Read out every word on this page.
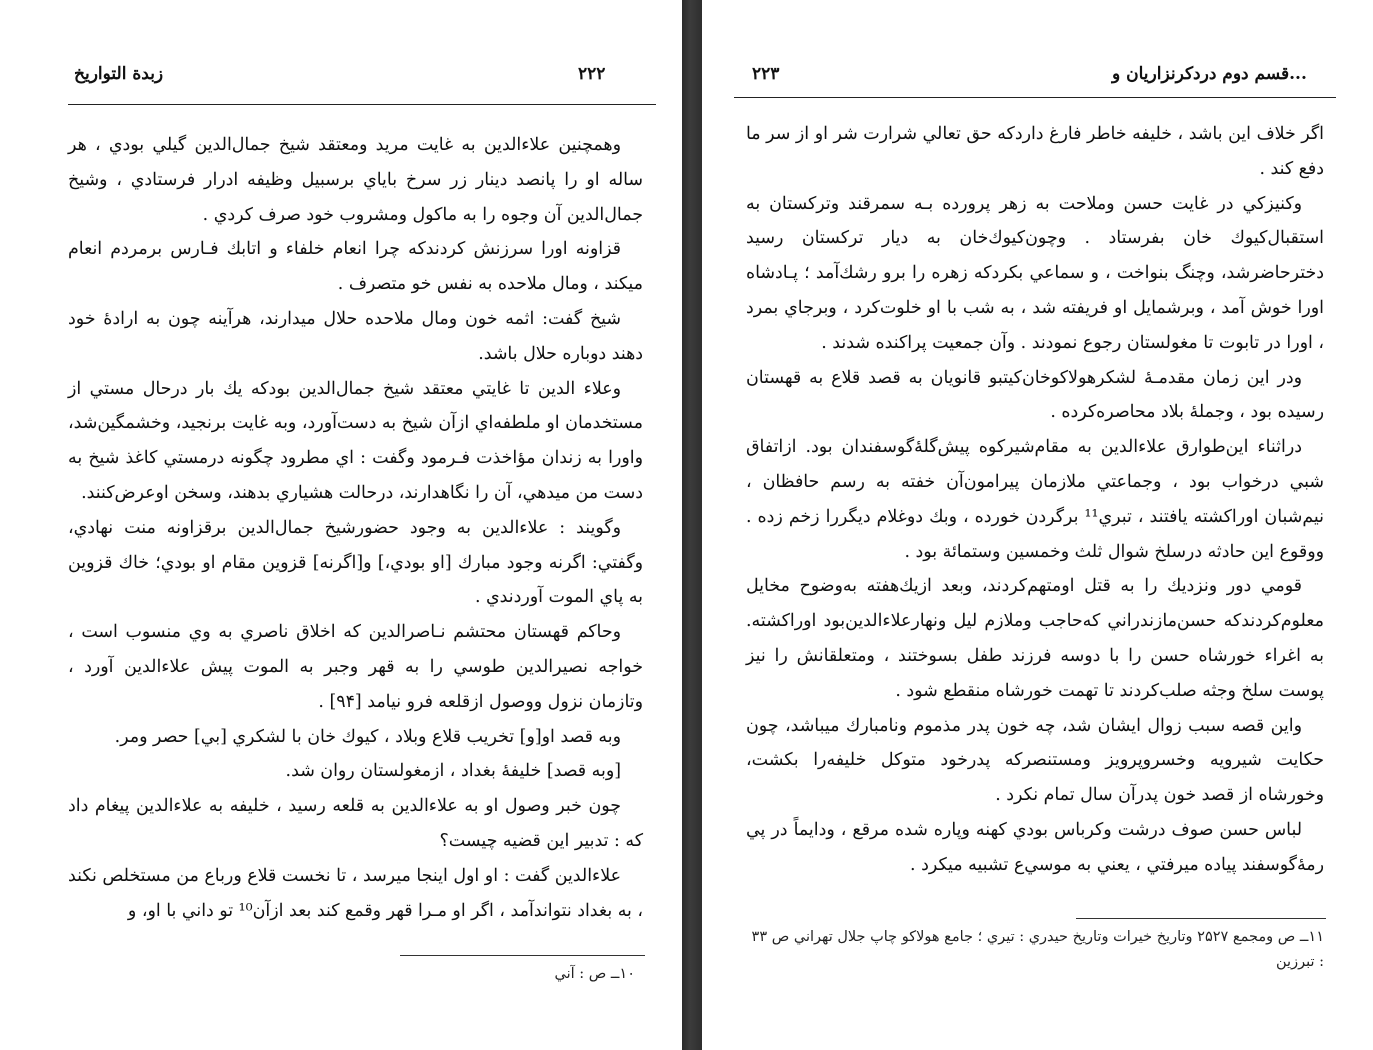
زبدة التواريخ	۲۲۲

وهمچنين علاءالدين به غايت مريد ومعتقد شيخ جمال‌الدين گيلي بودي ، هر ساله او را پانصد دينار زر سرخ باياي برسبيل وظيفه ادرار فرستادي ، وشيخ جمال‌الدين آن وجوه را به ماكول ومشروب خود صرف كردي .

قزاونه اورا سرزنش كردندكه چرا انعام خلفاء و اتابك فـارس برمردم انعام ميكند ، ومال ملاحده به نفس خو متصرف .

شيخ گفت: اثمه خون ومال ملاحده حلال ميدارند، هرآينه چون به ارادهٔ خود دهند دوباره حلال باشد.

وعلاء الدين تا غايتي معتقد شيخ جمال‌الدين بودكه يك بار درحال مستي از مستخدمان او ملطفه‌اي ازآن شيخ به دست‌آورد، وبه غايت برنجيد، وخشمگين‌شد، واورا به زندان مؤاخذت فـرمود وگفت : اي مطرود چگونه درمستي كاغذ شيخ به دست من ميدهي، آن را نگاهدارند، درحالت هشياري بدهند، وسخن اوعرض‌كنند.

وگويند : علاءالدين به وجود حضورشيخ جمال‌الدين برقزاونه منت نهادي، وگفتي: اگرنه وجود مبارك [او بودي،] و[اگرنه] قزوين مقام او بودي؛ خاك قزوين به پاي الموت آوردندي .

وحاكم قهستان محتشم نـاصرالدين كه اخلاق ناصري به وي منسوب است ، خواجه نصيرالدين طوسي را به قهر وجبر به الموت پيش علاءالدين آورد ، وتازمان نزول ووصول ازقلعه فرو نيامد [۹۴] .

وبه قصد او[و] تخريب قلاع وبلاد ، كيوك خان با لشكري [بي] حصر ومر.

[وبه قصد] خليفهٔ بغداد ، ازمغولستان روان شد.

چون خبر وصول او به علاءالدين به قلعه رسيد ، خليفه به علاءالدين پيغام داد كه : تدبير اين قضيه چيست؟

علاءالدين گفت : او اول اينجا ميرسد ، تا نخست قلاع ورباع من مستخلص نكند ، به بغداد نتواندآمد ، اگر او مـرا قهر وقمع كند بعد ازآن¹⁰ تو داني با او، و

۱۰ــ ص : آني

قسم دوم دردكرنزاريان و...
۲۲۳

اگر خلاف اين باشد ، خليفه خاطر فارغ داردكه حق تعالي شرارت شر او از سر ما دفع كند .

وكنيزكي در غايت حسن وملاحت به زهر پرورده بـه سمرقند وتركستان به استقبال‌كيوك خان بفرستاد . وچون‌كيوك‌خان به ديار تركستان رسيد دخترحاضرشد، وچنگ بنواخت ، و سماعي بكردكه زهره را برو رشك‌آمد ؛ پـادشاه اورا خوش آمد ، وبرشمايل او فريفته شد ، به شب با او خلوت‌كرد ، وبرجاي بمرد ، اورا در تابوت تا مغولستان رجوع نمودند . وآن جمعيت پراكنده شدند .

ودر اين زمان مقدمـهٔ لشكرهولاكوخان‌كيتبو قانويان به قصد قلاع به قهستان رسيده بود ، وجملهٔ بلاد محاصره‌كرده .

دراثناء اين‌طوارق علاءالدين به مقام‌شيركوه پيش‌گلهٔ‌گوسفندان بود. ازاتفاق شبي درخواب بود ، وجماعتي ملازمان پيرامون‌آن خفته به رسم حافظان ، نيم‌شبان اوراكشته يافتند ، تبري¹¹ برگردن خورده ، وبك دوغلام ديگررا زخم زده . ووقوع اين حادثه درسلخ شوال ثلث وخمسين وستمائة بود .

قومي دور ونزديك را به قتل اومتهم‌كردند، وبعد ازيك‌هفته به‌وضوح مخايل معلوم‌كردندكه حسن‌مازندراني كه‌حاجب وملازم ليل ونهارعلاءالدين‌بود اوراكشته. به اغراء خورشاه حسن را با دوسه فرزند طفل بسوختند ، ومتعلقانش را نيز پوست سلخ وجثه صلب‌كردند تا تهمت خورشاه منقطع شود .

واين قصه سبب زوال ايشان شد، چه خون پدر مذموم ونامبارك ميباشد، چون حكايت شيرويه وخسروپرويز ومستنصركه پدرخود متوكل خليفه‌را بكشت، وخورشاه از قصد خون پدرآن سال تمام نكرد .

لباس حسن صوف درشت وكرباس بودي كهنه وپاره شده مرقع ، ودايماً در پي رمهٔ‌گوسفند پياده ميرفتي ، يعني به موسي‌ع تشبيه ميكرد .

۱۱ــ ص ومجمع ۲۵۲۷ وتاريخ خيرات وتاريخ حيدري : تيري ؛ جامع هولاكو چاپ جلال تهراني ص ۳۳ : تبرزين
